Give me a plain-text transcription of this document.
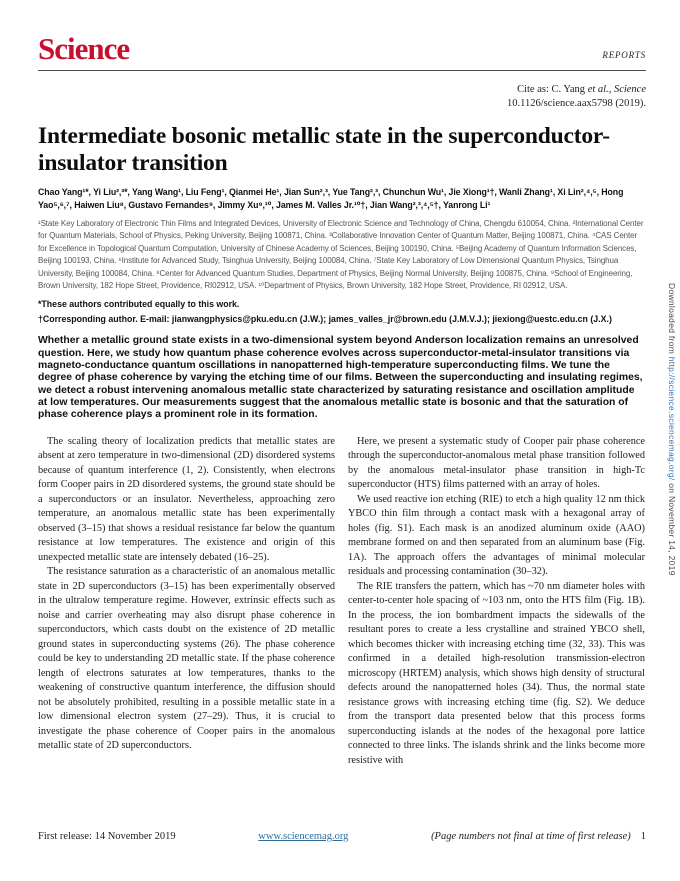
Science	REPORTS
Cite as: C. Yang et al., Science
10.1126/science.aax5798 (2019).
Intermediate bosonic metallic state in the superconductor-
insulator transition
Chao Yang¹*, Yi Liu²,³*, Yang Wang¹, Liu Feng¹, Qianmei He¹, Jian Sun²,³, Yue Tang²,³, Chunchun Wu¹, Jie Xiong¹†, Wanli Zhang¹, Xi Lin²,⁴,⁵, Hong Yao⁵,⁶,⁷, Haiwen Liu⁸, Gustavo Fernandes⁹, Jimmy Xu⁹,¹⁰, James M. Valles Jr.¹⁰†, Jian Wang²,³,⁴,⁵†, Yanrong Li¹
¹State Key Laboratory of Electronic Thin Films and Integrated Devices, University of Electronic Science and Technology of China, Chengdu 610054, China. ²International Center for Quantum Materials, School of Physics, Peking University, Beijing 100871, China. ³Collaborative Innovation Center of Quantum Matter, Beijing 100871, China. ⁴CAS Center for Excellence in Topological Quantum Computation, University of Chinese Academy of Sciences, Beijing 100190, China. ⁵Beijing Academy of Quantum Information Sciences, Beijing 100193, China. ⁶Institute for Advanced Study, Tsinghua University, Beijing 100084, China. ⁷State Key Laboratory of Low Dimensional Quantum Physics, Tsinghua University, Beijing 100084, China. ⁸Center for Advanced Quantum Studies, Department of Physics, Beijing Normal University, Beijing 100875, China. ⁹School of Engineering, Brown University, 182 Hope Street, Providence, RI02912, USA. ¹⁰Department of Physics, Brown University, 182 Hope Street, Providence, RI 02912, USA.
*These authors contributed equally to this work.
†Corresponding author. E-mail: jianwangphysics@pku.edu.cn (J.W.); james_valles_jr@brown.edu (J.M.V.J.); jiexiong@uestc.edu.cn (J.X.)
Whether a metallic ground state exists in a two-dimensional system beyond Anderson localization remains an unresolved question. Here, we study how quantum phase coherence evolves across superconductor-metal-insulator transitions via magneto-conductance quantum oscillations in nanopatterned high-temperature superconducting films. We tune the degree of phase coherence by varying the etching time of our films. Between the superconducting and insulating regimes, we detect a robust intervening anomalous metallic state characterized by saturating resistance and oscillation amplitude at low temperatures. Our measurements suggest that the anomalous metallic state is bosonic and that the saturation of phase coherence plays a prominent role in its formation.

The scaling theory of localization predicts that metallic states are absent at zero temperature in two-dimensional (2D) disordered systems because of quantum interference (1, 2). Consistently, when electrons form Cooper pairs in 2D disordered systems, the ground state should be a superconductors or an insulator. Nevertheless, approaching zero temperature, an anomalous metallic state has been experimentally observed (3–15) that shows a residual resistance far below the quantum resistance at low temperatures. The existence and origin of this unexpected metallic state are intensely debated (16–25).

The resistance saturation as a characteristic of an anomalous metallic state in 2D superconductors (3–15) has been experimentally observed in the ultralow temperature regime. However, extrinsic effects such as noise and carrier overheating may also disrupt phase coherence in superconductors, which casts doubt on the existence of 2D metallic ground states in superconducting systems (26). The phase coherence could be key to understanding 2D metallic state. If the phase coherence length of electrons saturates at low temperatures, thanks to the weakening of constructive quantum interference, the diffusion should not be absolutely prohibited, resulting in a possible metallic state in a low dimensional electron system (27–29). Thus, it is crucial to investigate the phase coherence of Cooper pairs in the anomalous metallic state of 2D superconductors.

Here, we present a systematic study of Cooper pair phase coherence through the superconductor-anomalous metal phase transition followed by the anomalous metal-insulator phase transition in high-Tc superconductor (HTS) films patterned with an array of holes.

We used reactive ion etching (RIE) to etch a high quality 12 nm thick YBCO thin film through a contact mask with a hexagonal array of holes (fig. S1). Each mask is an anodized aluminum oxide (AAO) membrane formed on and then separated from an aluminum base (Fig. 1A). The approach offers the advantages of minimal molecular residuals and processing contamination (30–32).

The RIE transfers the pattern, which has ~70 nm diameter holes with center-to-center hole spacing of ~103 nm, onto the HTS film (Fig. 1B). In the process, the ion bombardment impacts the sidewalls of the resultant pores to create a less crystalline and strained YBCO shell, which becomes thicker with increasing etching time (32, 33). This was confirmed in a detailed high-resolution transmission-electron microscopy (HRTEM) analysis, which shows high density of structural defects around the nanopatterned holes (34). Thus, the normal state resistance grows with increasing etching time (fig. S2). We deduce from the transport data presented below that this process forms superconducting islands at the nodes of the hexagonal pore lattice connected to three links. The islands shrink and the links become more resistive with

First release: 14 November 2019	www.sciencemag.org	(Page numbers not final at time of first release) 1
Downloaded from http://science.sciencemag.org/ on November 14, 2019
